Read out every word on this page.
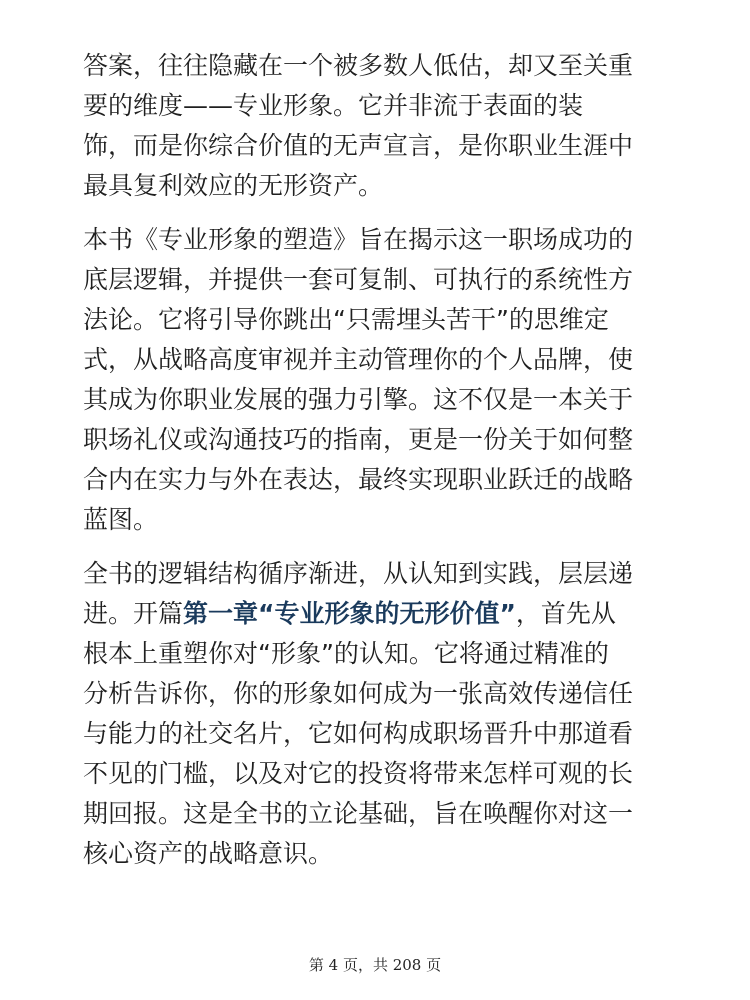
答案，往往隐藏在一个被多数人低估，却又至关重
要的维度——专业形象。它并非流于表面的装
饰，而是你综合价值的无声宣言，是你职业生涯中
最具复利效应的无形资产。
本书《专业形象的塑造》旨在揭示这一职场成功的
底层逻辑，并提供一套可复制、可执行的系统性方
法论。它将引导你跳出“只需埋头苦干”的思维定
式，从战略高度审视并主动管理你的个人品牌，使
其成为你职业发展的强力引擎。这不仅是一本关于
职场礼仪或沟通技巧的指南，更是一份关于如何整
合内在实力与外在表达，最终实现职业跃迁的战略
蓝图。
全书的逻辑结构循序渐进，从认知到实践，层层递
进。开篇第一章“专业形象的无形价值”，首先从
根本上重塑你对“形象”的认知。它将通过精准的
分析告诉你，你的形象如何成为一张高效传递信任
与能力的社交名片，它如何构成职场晋升中那道看
不见的门槛，以及对它的投资将带来怎样可观的长
期回报。这是全书的立论基础，旨在唤醒你对这一
核心资产的战略意识。
第 4 页，共 208 页
